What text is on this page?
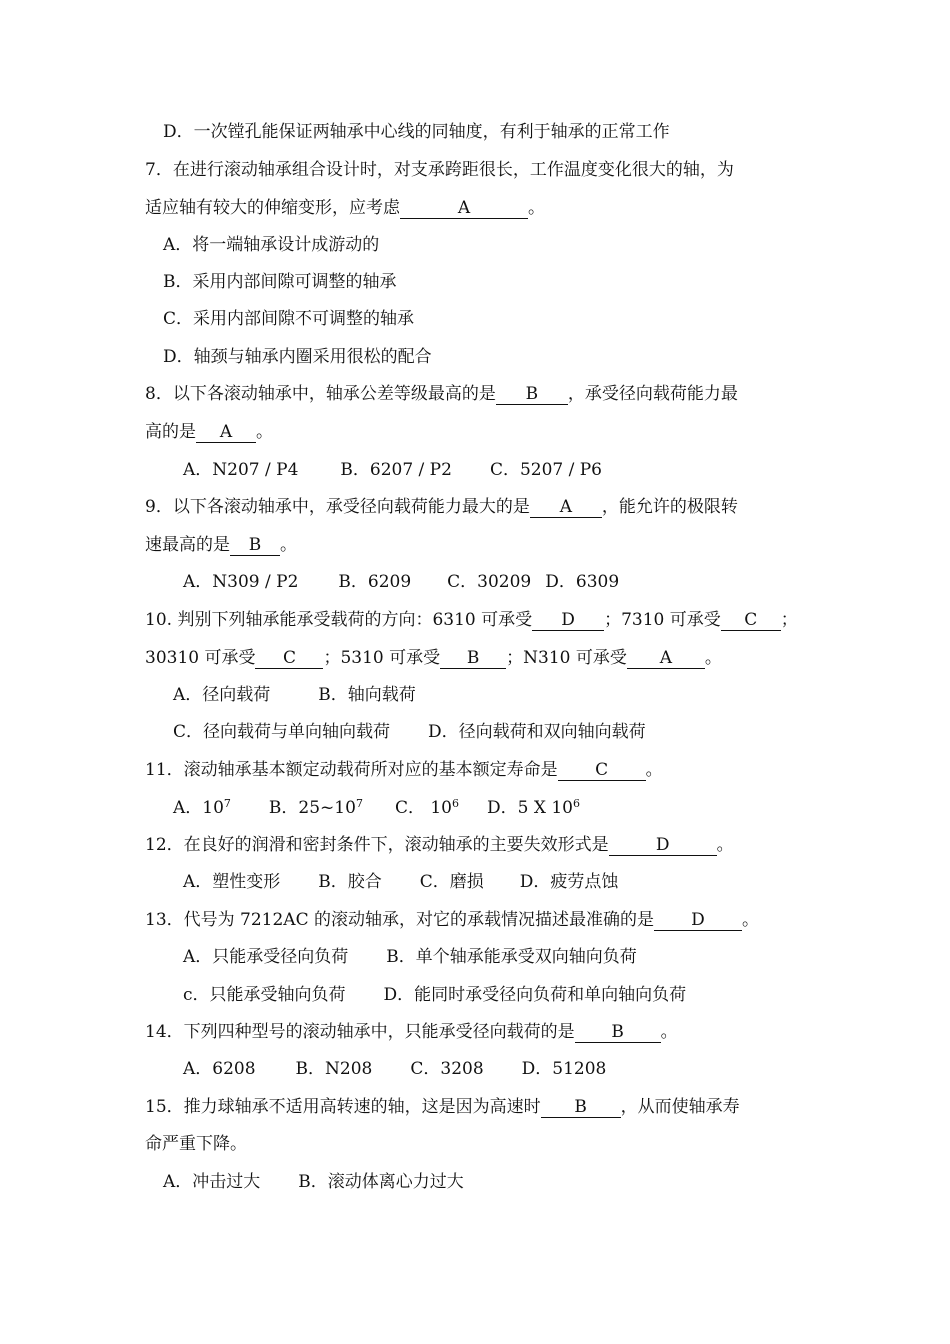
D．一次镗孔能保证两轴承中心线的同轴度，有利于轴承的正常工作
7．在进行滚动轴承组合设计时，对支承跨距很长，工作温度变化很大的轴，为
适应轴有较大的伸缩变形，应考虑	A	。
A．将一端轴承设计成游动的
B．采用内部间隙可调整的轴承
C．采用内部间隙不可调整的轴承
D．轴颈与轴承内圈采用很松的配合
8．以下各滚动轴承中，轴承公差等级最高的是 B ，承受径向载荷能力最
高的是 A 。
A．N207 / P4 B．6207 / P2 C．5207 / P6
9．以下各滚动轴承中，承受径向载荷能力最大的是 A ，能允许的极限转
速最高的是 B 。
A．N309 / P2 B．6209 C．30209 D．6309
10. 判别下列轴承能承受载荷的方向：6310 可承受 D ；7310 可承受 C ；
30310 可承受 C ；5310 可承受 B ；N310 可承受 A 。
A．径向载荷	B．轴向载荷
C．径向载荷与单向轴向载荷 D．径向载荷和双向轴向载荷
11．滚动轴承基本额定动载荷所对应的基本额定寿命是 C 。
A．$10^7$ B．$25\sim 10^7$ C． $10^6$ D．5 X $10^6$
12．在良好的润滑和密封条件下，滚动轴承的主要失效形式是	D	。
A．塑性变形 B．胶合 C．磨损 D．疲劳点蚀
13．代号为 7212AC 的滚动轴承，对它的承载情况描述最准确的是 D 。
A．只能承受径向负荷 B．单个轴承能承受双向轴向负荷
c．只能承受轴向负荷 D．能同时承受径向负荷和单向轴向负荷
14．下列四种型号的滚动轴承中，只能承受径向载荷的是 B 。
A．6208 B．N208 C．3208 D．51208
15．推力球轴承不适用高转速的轴，这是因为高速时 B ，从而使轴承寿
命严重下降。
A．冲击过大 B．滚动体离心力过大
